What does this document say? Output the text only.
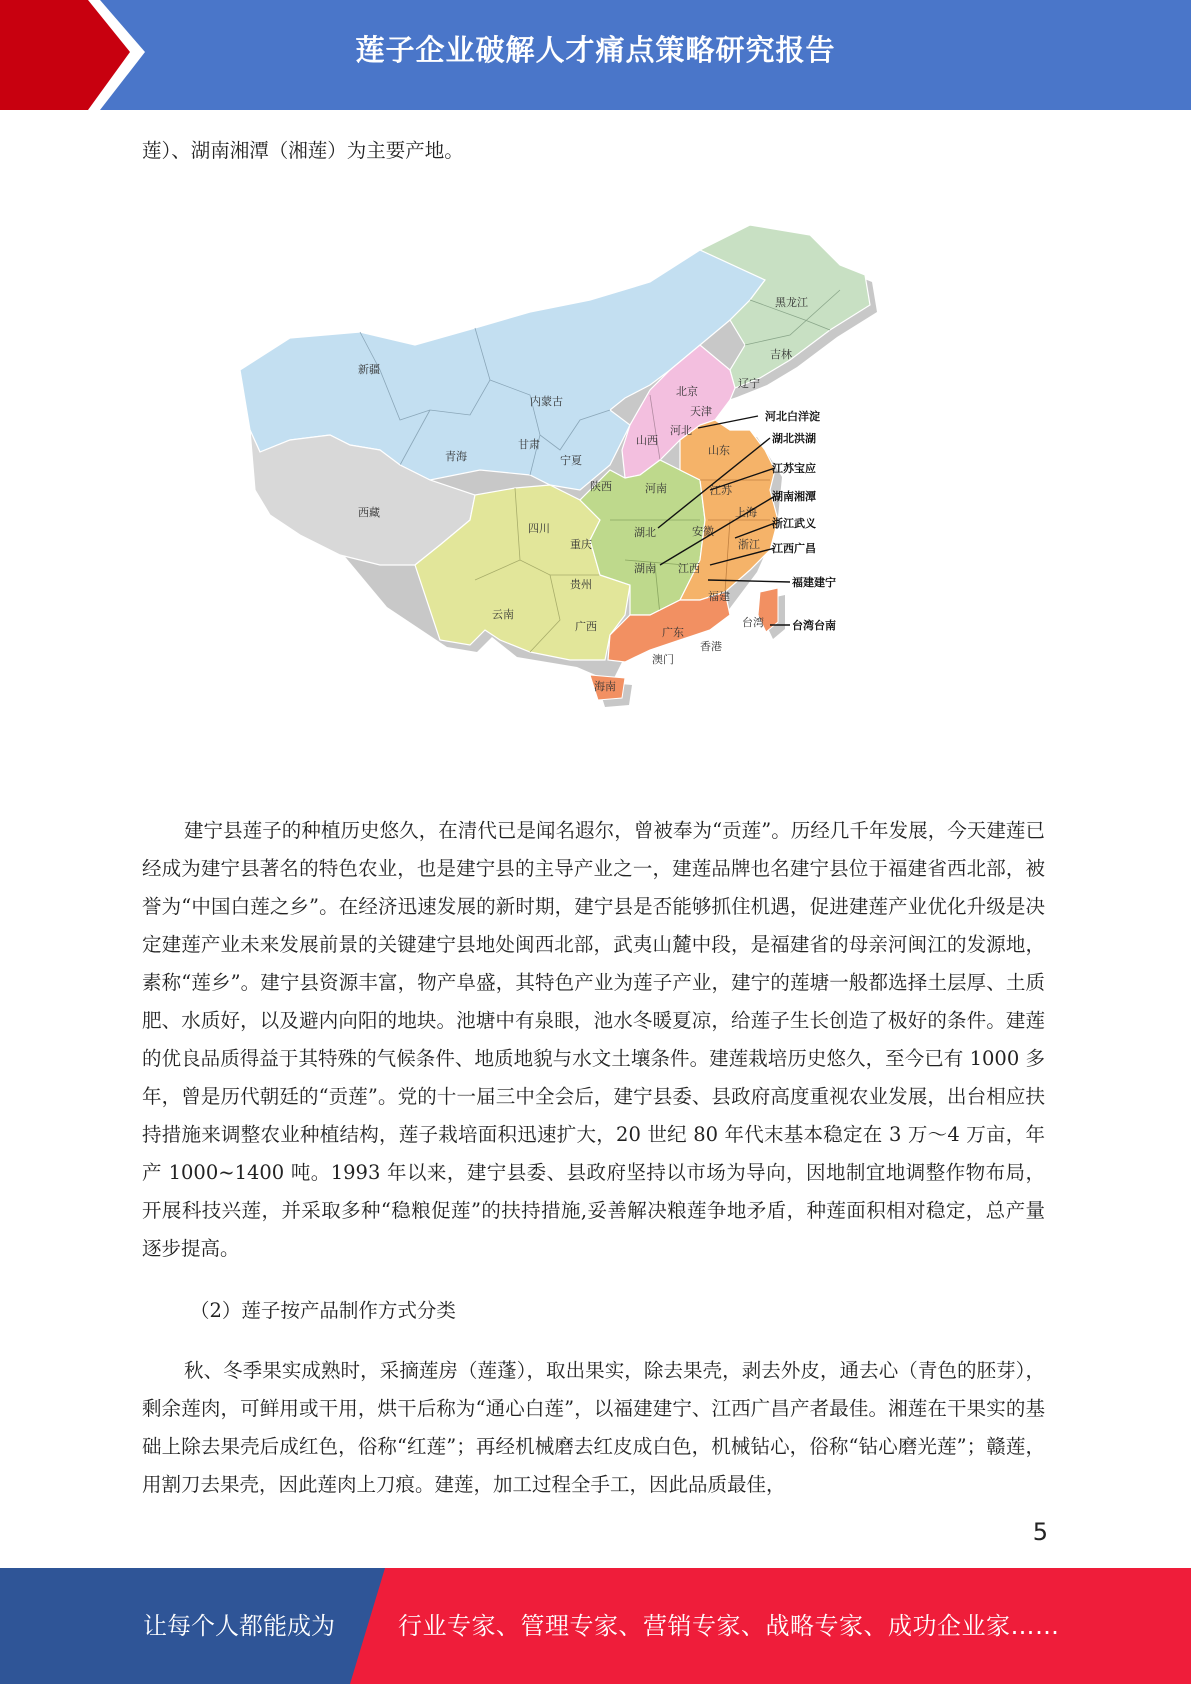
莲子企业破解人才痛点策略研究报告

莲）、湖南湘潭（湘莲）为主要产地。

新疆
内蒙古
黑龙江
吉林
辽宁
北京
天津
河北
山西
青海
甘肃
宁夏
陕西
山东
西藏
河南	江苏
四川
重庆
湖北	安徽
上海
浙江
湖南 江西
贵州
云南
广西
福建
广东
台湾
香港
澳门
海南
河北白洋淀
湖北洪湖
江苏宝应
湖南湘潭
浙江武义
江西广昌
福建建宁
台湾台南

建宁县莲子的种植历史悠久，在清代已是闻名遐尔，曾被奉为“贡莲”。历经几千年发展，今天建莲已经成为建宁县著名的特色农业，也是建宁县的主导产业之一，建莲品牌也名建宁县位于福建省西北部，被誉为“中国白莲之乡”。在经济迅速发展的新时期，建宁县是否能够抓住机遇，促进建莲产业优化升级是决定建莲产业未来发展前景的关键建宁县地处闽西北部，武夷山麓中段，是福建省的母亲河闽江的发源地，素称“莲乡”。建宁县资源丰富，物产阜盛，其特色产业为莲子产业，建宁的莲塘一般都选择土层厚、土质肥、水质好，以及避内向阳的地块。池塘中有泉眼，池水冬暖夏凉，给莲子生长创造了极好的条件。建莲的优良品质得益于其特殊的气候条件、地质地貌与水文土壤条件。建莲栽培历史悠久，至今已有 1000 多年，曾是历代朝廷的“贡莲”。党的十一届三中全会后，建宁县委、县政府高度重视农业发展，出台相应扶持措施来调整农业种植结构，莲子栽培面积迅速扩大，20 世纪 80 年代末基本稳定在 3 万～4 万亩，年产 1000~1400 吨。1993 年以来，建宁县委、县政府坚持以市场为导向，因地制宜地调整作物布局，开展科技兴莲，并采取多种“稳粮促莲”的扶持措施,妥善解决粮莲争地矛盾，种莲面积相对稳定，总产量逐步提高。

（2）莲子按产品制作方式分类

秋、冬季果实成熟时，采摘莲房（莲蓬），取出果实，除去果壳，剥去外皮，通去心（青色的胚芽），剩余莲肉，可鲜用或干用，烘干后称为“通心白莲”，以福建建宁、江西广昌产者最佳。湘莲在干果实的基础上除去果壳后成红色，俗称“红莲”；再经机械磨去红皮成白色，机械钻心，俗称“钻心磨光莲”；赣莲，用割刀去果壳，因此莲肉上刀痕。建莲，加工过程全手工，因此品质最佳，

5
让每个人都能成为	行业专家、管理专家、营销专家、战略专家、成功企业家……
